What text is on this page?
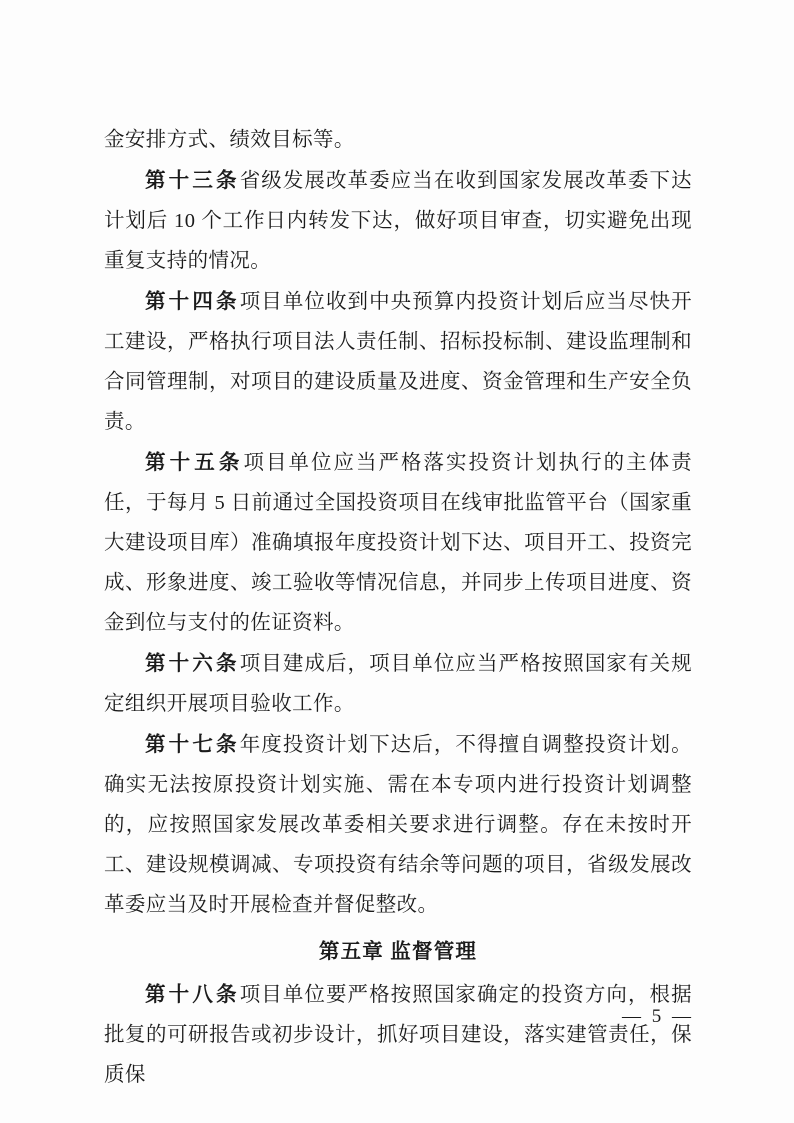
金安排方式、绩效目标等。

第十三条省级发展改革委应当在收到国家发展改革委下达计划后 10 个工作日内转发下达，做好项目审查，切实避免出现重复支持的情况。

第十四条项目单位收到中央预算内投资计划后应当尽快开工建设，严格执行项目法人责任制、招标投标制、建设监理制和合同管理制，对项目的建设质量及进度、资金管理和生产安全负责。

第十五条项目单位应当严格落实投资计划执行的主体责任，于每月 5 日前通过全国投资项目在线审批监管平台（国家重大建设项目库）准确填报年度投资计划下达、项目开工、投资完成、形象进度、竣工验收等情况信息，并同步上传项目进度、资金到位与支付的佐证资料。

第十六条项目建成后，项目单位应当严格按照国家有关规定组织开展项目验收工作。

第十七条年度投资计划下达后，不得擅自调整投资计划。确实无法按原投资计划实施、需在本专项内进行投资计划调整的，应按照国家发展改革委相关要求进行调整。存在未按时开工、建设规模调减、专项投资有结余等问题的项目，省级发展改革委应当及时开展检查并督促整改。

第五章 监督管理

第十八条项目单位要严格按照国家确定的投资方向，根据批复的可研报告或初步设计，抓好项目建设，落实建管责任，保质保

— 5 —
